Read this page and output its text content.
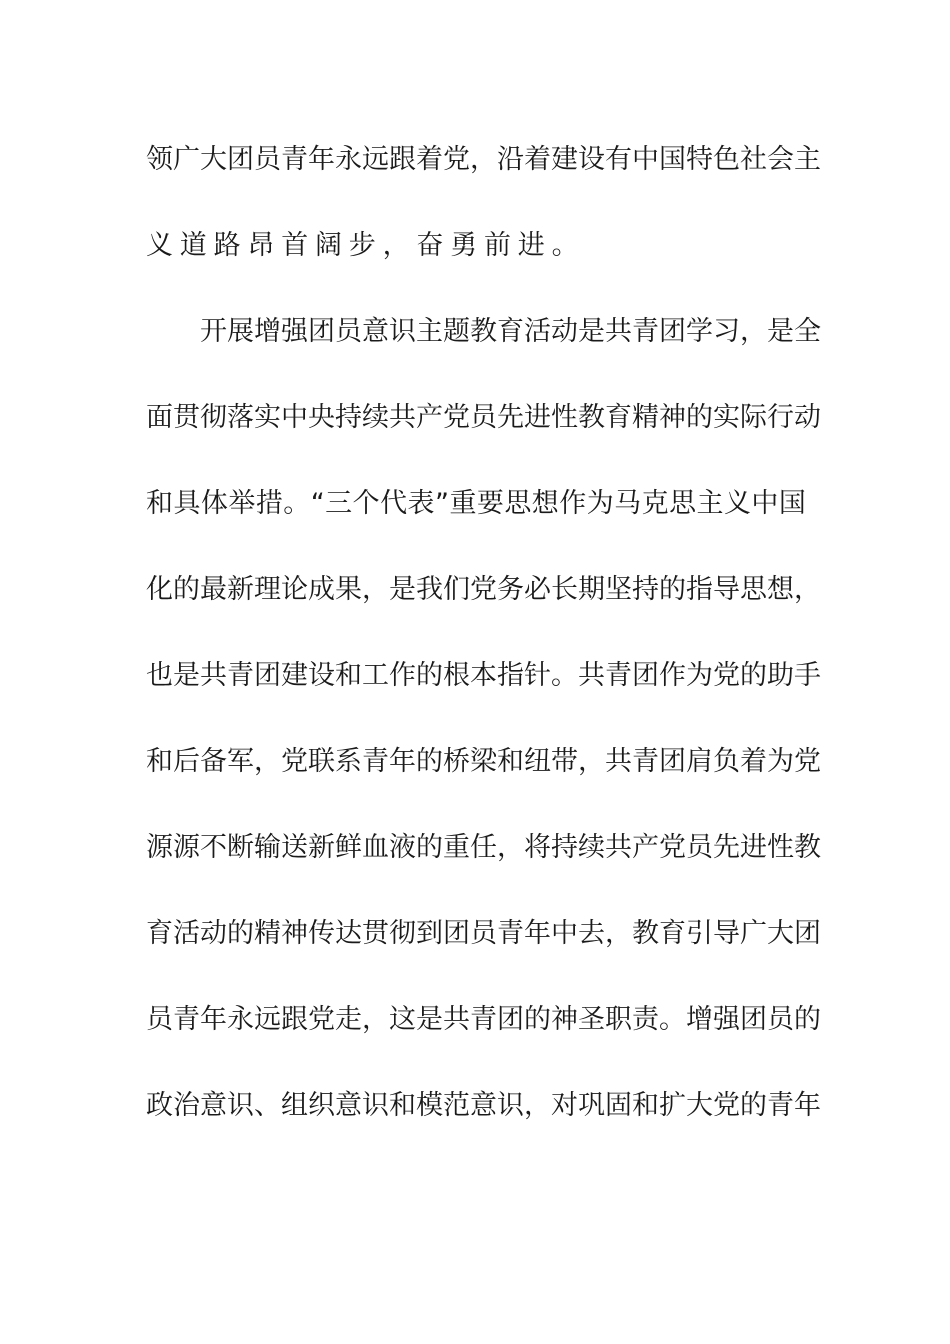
领 广 大 团 员 青 年 永 远 跟 着 党 ， 沿 着 建 设 有 中 国 特 色 社 会 主
义道路昂首阔步，奋勇前进。
开 展 增 强 团 员 意 识 主 题 教 育 活 动 是 共 青 团 学 习 ， 是 全
面 贯 彻 落 实 中 央 持 续 共 产 党 员 先 进 性 教 育 精 神 的 实 际 行 动
和 具 体 举 措 。 “ 三 个 代 表 ” 重 要 思 想 作 为 马 克 思 主 义 中 国
化 的 最 新 理 论 成 果 ， 是 我 们 党 务 必 长 期 坚 持 的 指 导 思 想 ，
也 是 共 青 团 建 设 和 工 作 的 根 本 指 针 。 共 青 团 作 为 党 的 助 手
和 后 备 军 ， 党 联 系 青 年 的 桥 梁 和 纽 带 ， 共 青 团 肩 负 着 为 党
源 源 不 断 输 送 新 鲜 血 液 的 重 任 ， 将 持 续 共 产 党 员 先 进 性 教
育 活 动 的 精 神 传 达 贯 彻 到 团 员 青 年 中 去 ， 教 育 引 导 广 大 团
员 青 年 永 远 跟 党 走 ， 这 是 共 青 团 的 神 圣 职 责 。 增 强 团 员 的
政 治 意 识 、 组 织 意 识 和 模 范 意 识 ， 对 巩 固 和 扩 大 党 的 青 年
